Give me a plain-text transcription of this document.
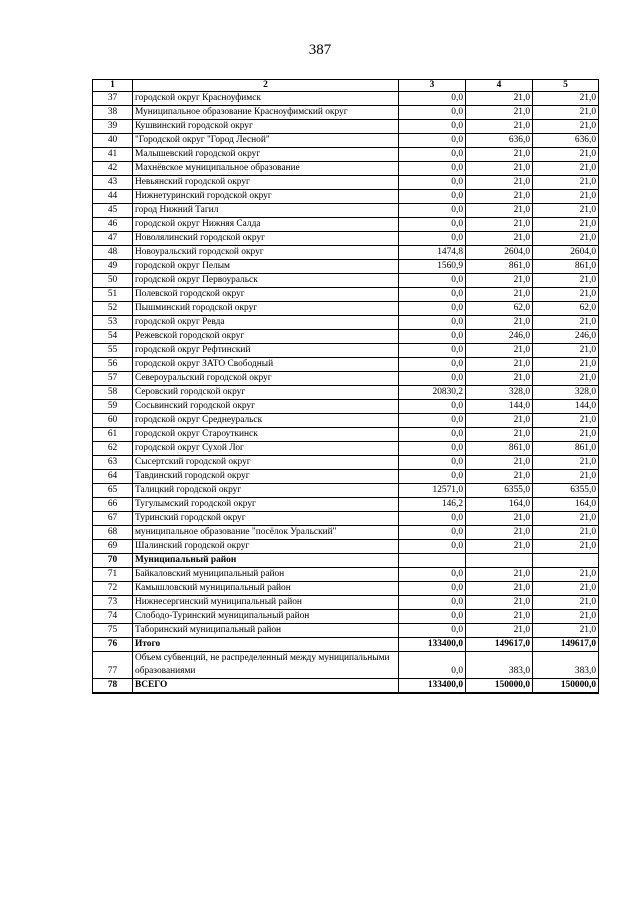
387
1	2	3	4	5
37	городской округ Красноуфимск	0,0	21,0	21,0
38	Муниципальное образование Красноуфимский округ	0,0	21,0	21,0
39	Кушвинский городской округ	0,0	21,0	21,0
40	"Городской округ "Город Лесной"	0,0	636,0	636,0
41	Малышевский городской округ	0,0	21,0	21,0
42	Махнёвское муниципальное образование	0,0	21,0	21,0
43	Невьянский городской округ	0,0	21,0	21,0
44	Нижнетуринский городской округ	0,0	21,0	21,0
45	город Нижний Тагил	0,0	21,0	21,0
46	городской округ Нижняя Салда	0,0	21,0	21,0
47	Новолялинский городской округ	0,0	21,0	21,0
48	Новоуральский городской округ	1474,8	2604,0	2604,0
49	городской округ Пелым	1560,9	861,0	861,0
50	городской округ Первоуральск	0,0	21,0	21,0
51	Полевской городской округ	0,0	21,0	21,0
52	Пышминский городской округ	0,0	62,0	62,0
53	городской округ Ревда	0,0	21,0	21,0
54	Режевской городской округ	0,0	246,0	246,0
55	городской округ Рефтинский	0,0	21,0	21,0
56	городской округ ЗАТО Свободный	0,0	21,0	21,0
57	Североуральский городской округ	0,0	21,0	21,0
58	Серовский городской округ	20830,2	328,0	328,0
59	Сосьвинский городской округ	0,0	144,0	144,0
60	городской округ Среднеуральск	0,0	21,0	21,0
61	городской округ Староуткинск	0,0	21,0	21,0
62	городской округ Сухой Лог	0,0	861,0	861,0
63	Сысертский городской округ	0,0	21,0	21,0
64	Тавдинский городской округ	0,0	21,0	21,0
65	Талицкий городской округ	12571,0	6355,0	6355,0
66	Тугулымский городской округ	146,2	164,0	164,0
67	Туринский городской округ	0,0	21,0	21,0
68	муниципальное образование "посёлок Уральский"	0,0	21,0	21,0
69	Шалинский городской округ	0,0	21,0	21,0
70	Муниципальный район			
71	Байкаловский муниципальный район	0,0	21,0	21,0
72	Камышловский муниципальный район	0,0	21,0	21,0
73	Нижнесергинский муниципальный район	0,0	21,0	21,0
74	Слободо-Туринский муниципальный район	0,0	21,0	21,0
75	Таборинский муниципальный район	0,0	21,0	21,0
76	Итого	133400,0	149617,0	149617,0
77	Объем субвенций, не распределенный между муниципальными образованиями	0,0	383,0	383,0
78	ВСЕГО	133400,0	150000,0	150000,0
